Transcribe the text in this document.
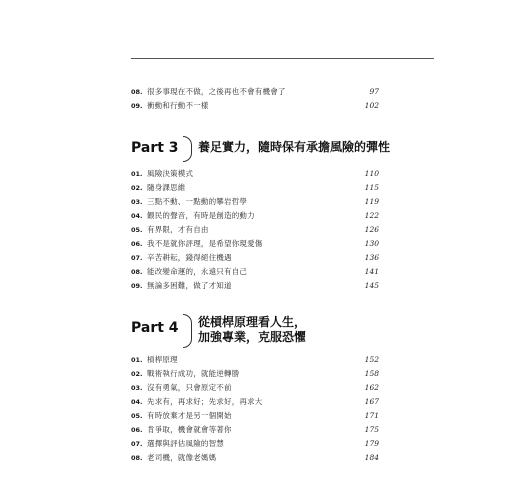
08. 很多事現在不做，之後再也不會有機會了	97
09. 衝動和行動不一樣	102
Part 3 養足實力，隨時保有承擔風險的彈性
01. 風險決策模式	110
02. 隨身課思維	115
03. 三點不動、一點動的攀岩哲學	119
04. 餵民的聲音，有時是創造的動力	122
05. 有界限，才有自由	126
06. 我不是就你評理，是希望你現愛傷	130
07. 辛苦耕耘，錢得絕住機遇	136
08. 能改變命運的，永遠只有自己	141
09. 無論多困難，做了才知道	145
Part 4 從槓桿原理看人生，
加強專業，克服恐懼
01. 槓桿原理	152
02. 戰術執行成功，就能逆轉勝	158
03. 沒有勇氣，只會原定不前	162
04. 先求有，再求好；先求好，再求大	167
05. 有時放棄才是另一個開始	171
06. 肯爭取，機會就會等著你	175
07. 選擇與評估風險的智慧	179
08. 老司機，就像老媽媽	184
